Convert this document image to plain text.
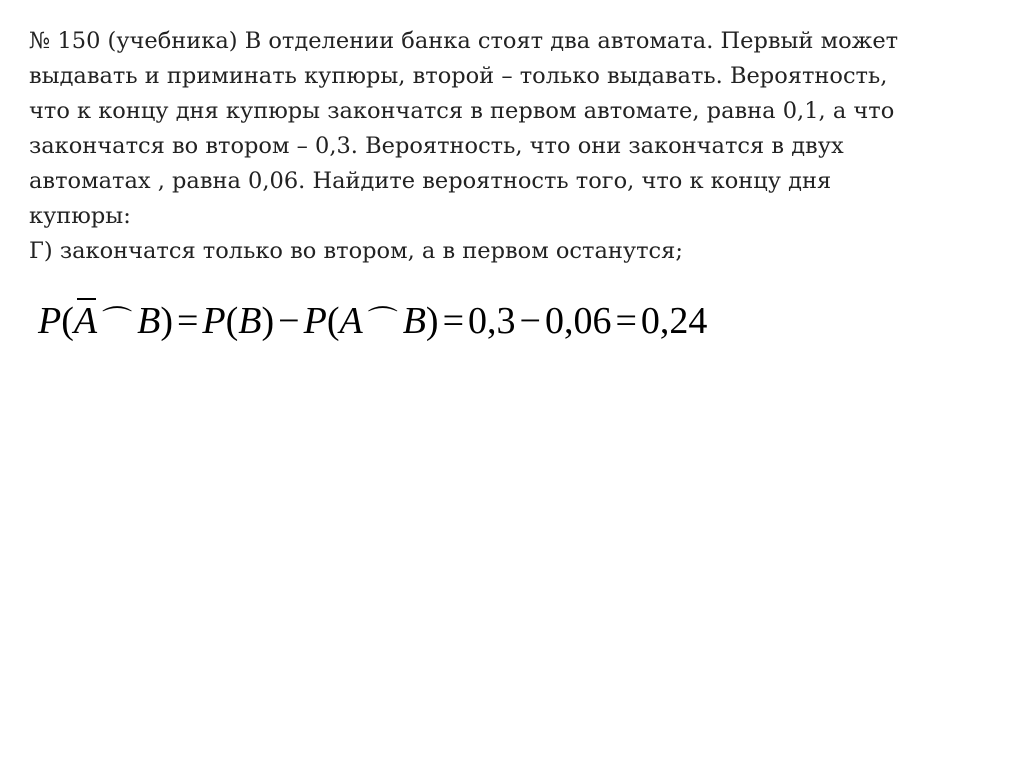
№ 150 (учебника) В отделении банка стоят два автомата. Первый может
выдавать и приминать купюры, второй – только выдавать. Вероятность,
что к концу дня купюры закончатся в первом автомате, равна 0,1, а что
закончатся во втором – 0,3. Вероятность, что они закончатся в двух
автоматах , равна 0,06. Найдите вероятность того, что к концу дня
купюры:
Г) закончатся только во втором, а в первом останутся;
P(A ⌒ B) = P(B) − P(A ⌒ B) = 0,3 − 0,06 = 0,24
